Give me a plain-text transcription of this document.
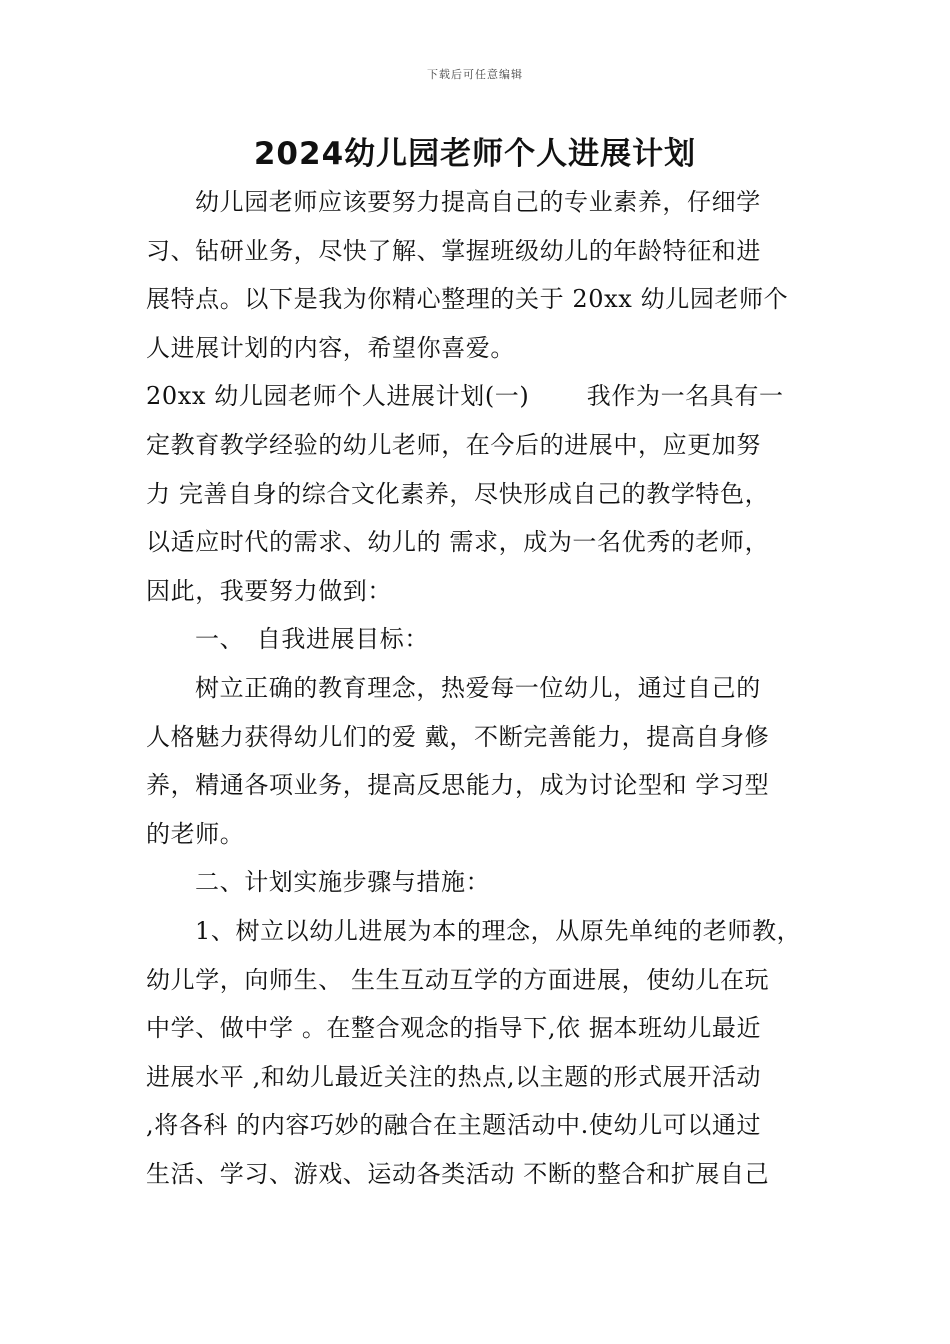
下载后可任意编辑
2024幼儿园老师个人进展计划

幼儿园老师应该要努力提高自己的专业素养，仔细学
习、钻研业务，尽快了解、掌握班级幼儿的年龄特征和进
展特点。以下是我为你精心整理的关于 20xx 幼儿园老师个
人进展计划的内容，希望你喜爱。

20xx 幼儿园老师个人进展计划(一)　　 我作为一名具有一
定教育教学经验的幼儿老师，在今后的进展中，应更加努
力 完善自身的综合文化素养，尽快形成自己的教学特色，
以适应时代的需求、幼儿的 需求，成为一名优秀的老师，
因此，我要努力做到：

一、　自我进展目标：

树立正确的教育理念，热爱每一位幼儿，通过自己的
人格魅力获得幼儿们的爱 戴，不断完善能力，提高自身修
养，精通各项业务，提高反思能力，成为讨论型和 学习型
的老师。

二、计划实施步骤与措施：

1、树立以幼儿进展为本的理念，从原先单纯的老师教，
幼儿学，向师生、 生生互动互学的方面进展，使幼儿在玩
中学、做中学 。在整合观念的指导下,依 据本班幼儿最近
进展水平 ,和幼儿最近关注的热点,以主题的形式展开活动
,将各科 的内容巧妙的融合在主题活动中.使幼儿可以通过
生活、学习、游戏、运动各类活动 不断的整合和扩展自己
